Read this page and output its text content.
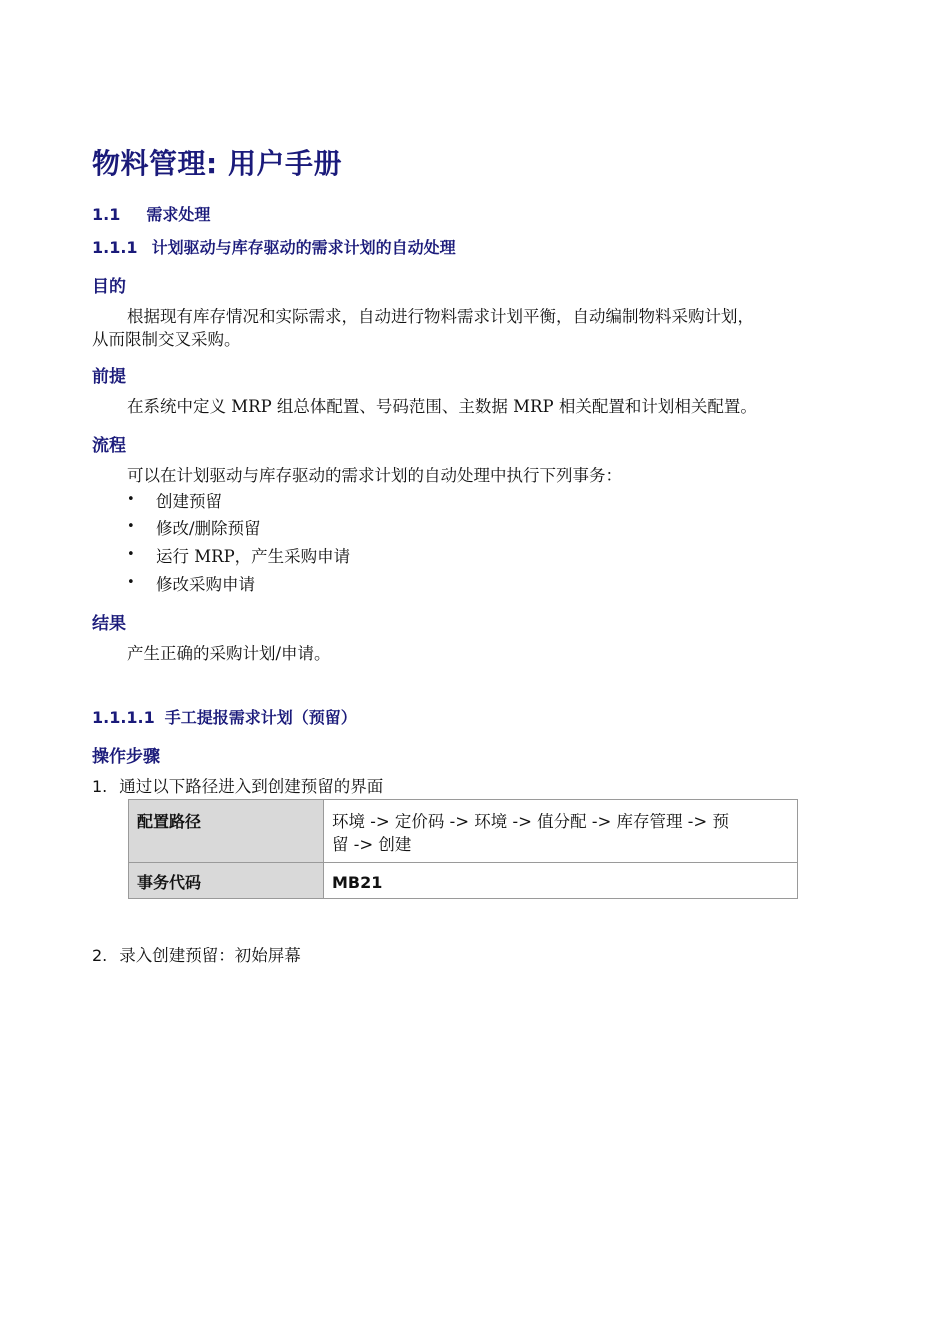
物料管理: 用户手册
1.1 需求处理
1.1.1 计划驱动与库存驱动的需求计划的自动处理
目的
根据现有库存情况和实际需求，自动进行物料需求计划平衡，自动编制物料采购计划，
从而限制交叉采购。
前提
在系统中定义 MRP 组总体配置、号码范围、主数据 MRP 相关配置和计划相关配置。
流程
可以在计划驱动与库存驱动的需求计划的自动处理中执行下列事务：
• 创建预留
• 修改/删除预留
• 运行 MRP，产生采购申请
• 修改采购申请
结果
产生正确的采购计划/申请。
1.1.1.1 手工提报需求计划（预留）
操作步骤
1. 通过以下路径进入到创建预留的界面
配置路径	环境 -> 定价码 -> 环境 -> 值分配 -> 库存管理 -> 预
留 -> 创建

事务代码	MB21
2. 录入创建预留：初始屏幕
